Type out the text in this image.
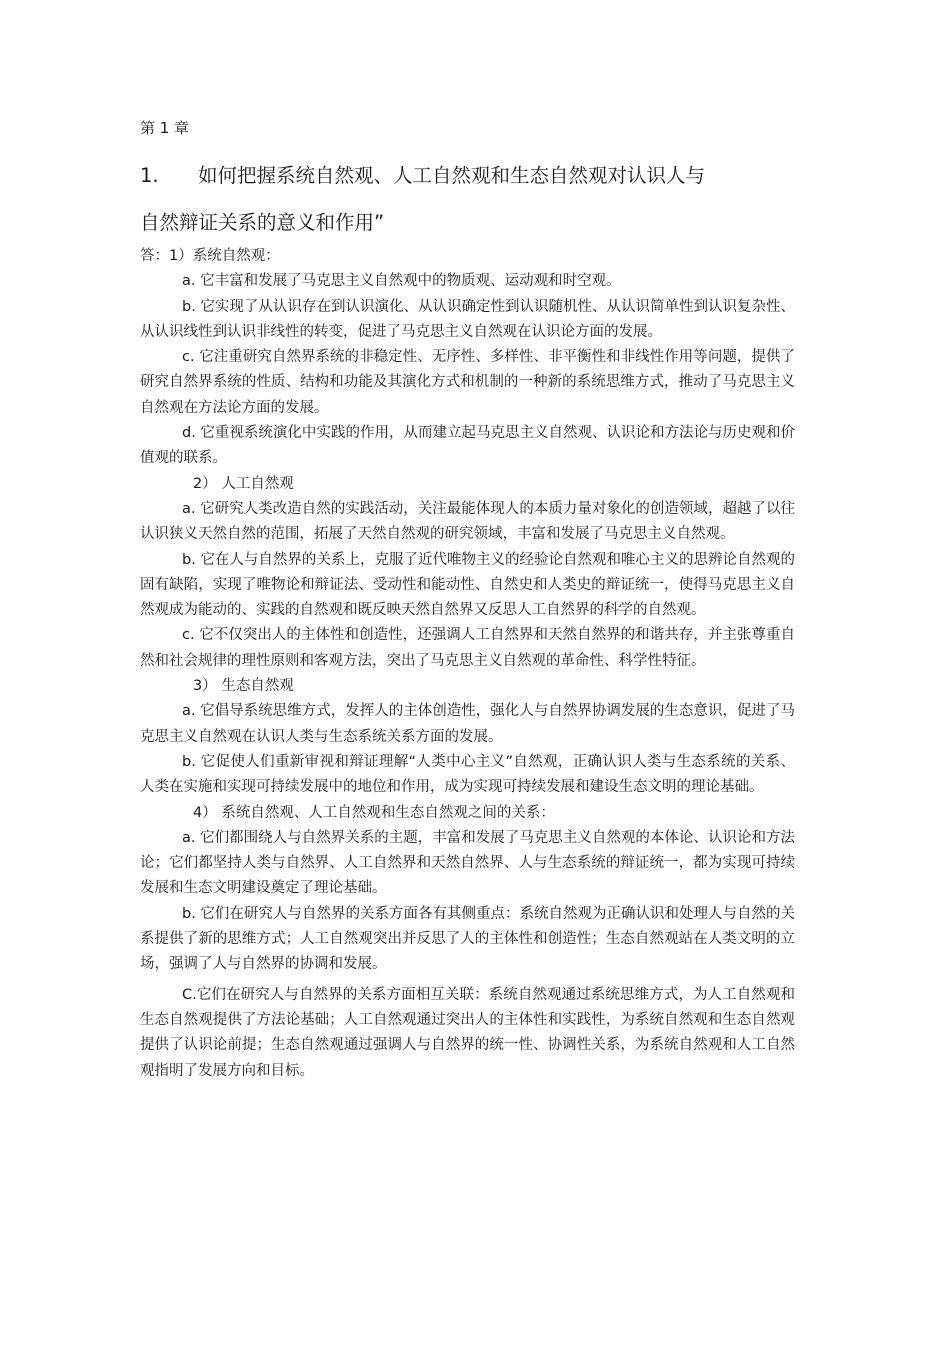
第 1 章
1. 如何把握系统自然观、人工自然观和生态自然观对认识人与
自然辩证关系的意义和作用”

答：1）系统自然观：

a. 它丰富和发展了马克思主义自然观中的物质观、运动观和时空观。

b. 它实现了从认识存在到认识演化、从认识确定性到认识随机性、从认识简单性到认识复杂性、从认识线性到认识非线性的转变，促进了马克思主义自然观在认识论方面的发展。

c. 它注重研究自然界系统的非稳定性、无序性、多样性、非平衡性和非线性作用等问题，提供了研究自然界系统的性质、结构和功能及其演化方式和机制的一种新的系统思维方式，推动了马克思主义自然观在方法论方面的发展。

d. 它重视系统演化中实践的作用，从而建立起马克思主义自然观、认识论和方法论与历史观和价值观的联系。

2） 人工自然观

a. 它研究人类改造自然的实践活动，关注最能体现人的本质力量对象化的创造领域，超越了以往认识狭义天然自然的范围，拓展了天然自然观的研究领域，丰富和发展了马克思主义自然观。

b. 它在人与自然界的关系上，克服了近代唯物主义的经验论自然观和唯心主义的思辨论自然观的固有缺陷，实现了唯物论和辩证法、受动性和能动性、自然史和人类史的辩证统一，使得马克思主义自然观成为能动的、实践的自然观和既反映天然自然界又反思人工自然界的科学的自然观。

c. 它不仅突出人的主体性和创造性，还强调人工自然界和天然自然界的和谐共存，并主张尊重自然和社会规律的理性原则和客观方法，突出了马克思主义自然观的革命性、科学性特征。

3） 生态自然观

a. 它倡导系统思维方式，发挥人的主体创造性，强化人与自然界协调发展的生态意识，促进了马克思主义自然观在认识人类与生态系统关系方面的发展。

b. 它促使人们重新审视和辩证理解“人类中心主义”自然观，正确认识人类与生态系统的关系、人类在实施和实现可持续发展中的地位和作用，成为实现可持续发展和建设生态文明的理论基础。

4） 系统自然观、人工自然观和生态自然观之间的关系：

a. 它们都围绕人与自然界关系的主题，丰富和发展了马克思主义自然观的本体论、认识论和方法论；它们都坚持人类与自然界、人工自然界和天然自然界、人与生态系统的辩证统一，都为实现可持续发展和生态文明建设奠定了理论基础。

b. 它们在研究人与自然界的关系方面各有其侧重点：系统自然观为正确认识和处理人与自然的关系提供了新的思维方式；人工自然观突出并反思了人的主体性和创造性；生态自然观站在人类文明的立场，强调了人与自然界的协调和发展。

C.它们在研究人与自然界的关系方面相互关联：系统自然观通过系统思维方式，为人工自然观和生态自然观提供了方法论基础；人工自然观通过突出人的主体性和实践性，为系统自然观和生态自然观提供了认识论前提；生态自然观通过强调人与自然界的统一性、协调性关系，为系统自然观和人工自然观指明了发展方向和目标。
